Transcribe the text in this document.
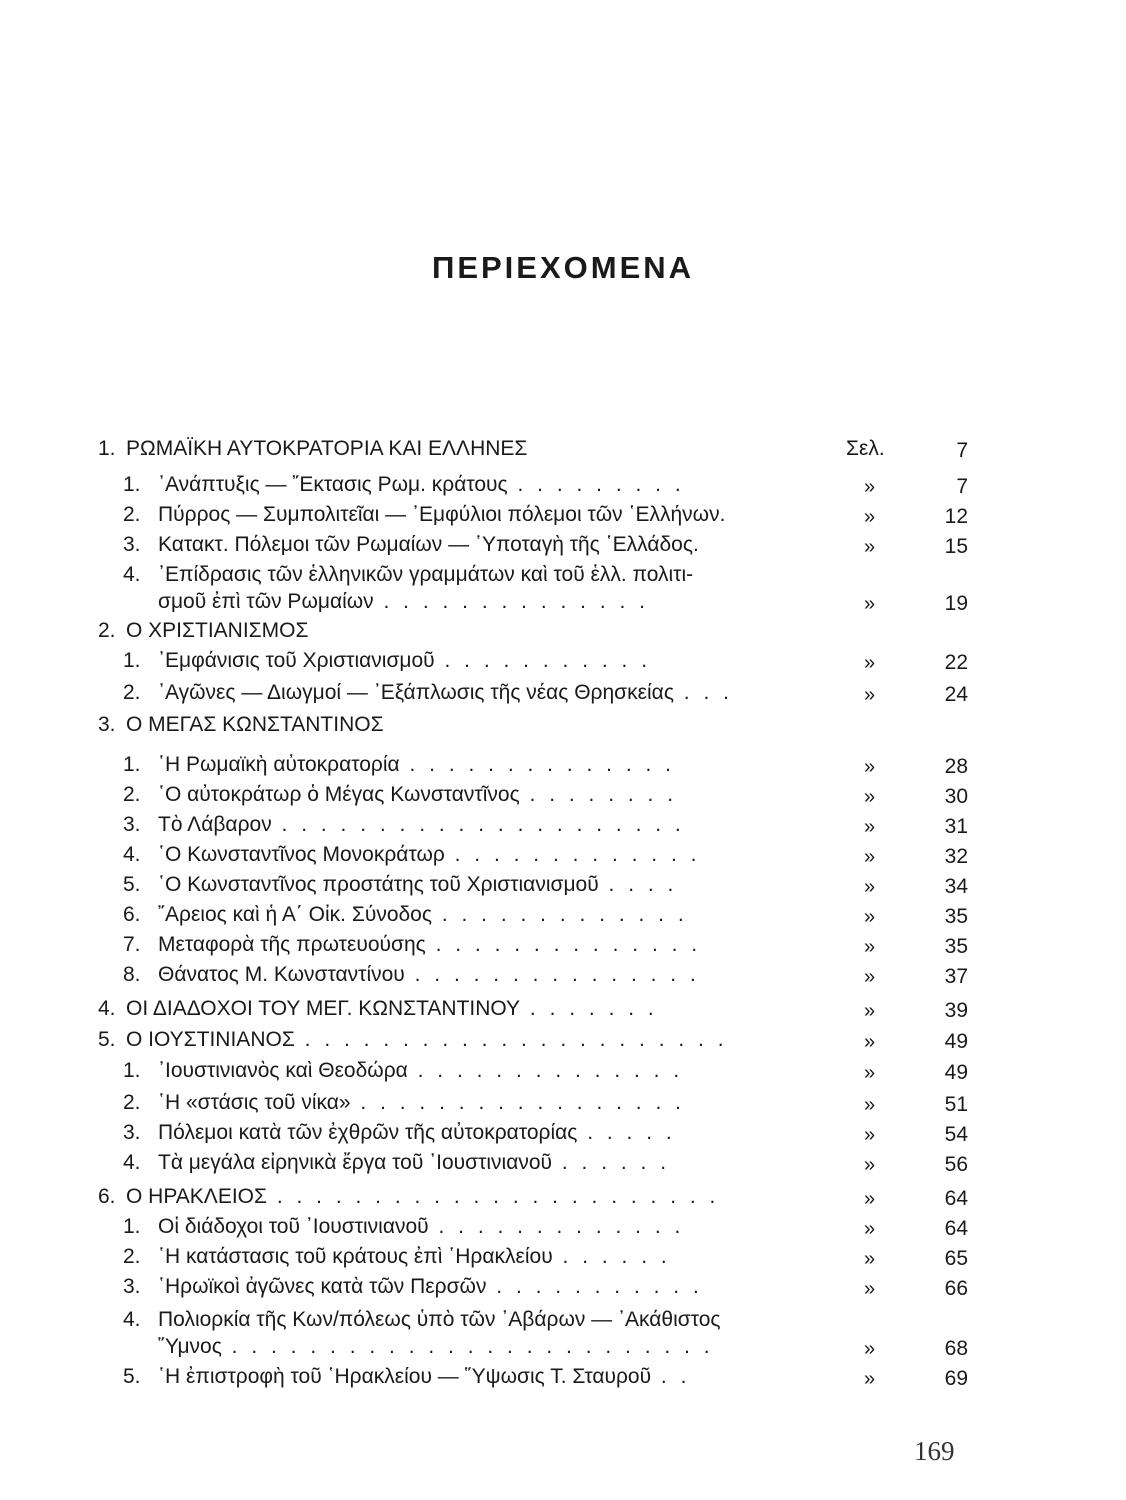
ΠΕΡΙΕΧΟΜΕΝΑ
1. ΡΩΜΑΪΚΗ ΑΥΤΟΚΡΑΤΟΡΙΑ ΚΑΙ ΕΛΛΗΝΕΣ	Σελ.	7
1. ᾿Ανάπτυξις — ῎Εκτασις Ρωμ. κράτους . . . . . . . . .	»	7
2. Πύρρος — Συμπολιτεῖαι — ᾿Εμφύλιοι πόλεμοι τῶν ῾Ελλήνων.	»	12
3. Κατακτ. Πόλεμοι τῶν Ρωμαίων — ῾Υποταγὴ τῆς ῾Ελλάδος.	»	15
4. ᾿Επίδρασις τῶν ἑλληνικῶν γραμμάτων καὶ τοῦ ἑλλ. πολιτι-
σμοῦ ἐπὶ τῶν Ρωμαίων . . . . . . . . . . . . . .	»	19
2. Ο ΧΡΙΣΤΙΑΝΙΣΜΟΣ
1. ᾿Εμφάνισις τοῦ Χριστιανισμοῦ . . . . . . . . . . .	»	22
2. ᾿Αγῶνες — Διωγμοί — ᾿Εξάπλωσις τῆς νέας Θρησκείας . . .	»	24
3. Ο ΜΕΓΑΣ ΚΩΝΣΤΑΝΤΙΝΟΣ
1. ῾Η Ρωμαϊκὴ αὐτοκρατορία . . . . . . . . . . . . . .	»	28
2. ῾Ο αὐτοκράτωρ ὁ Μέγας Κωνσταντῖνος . . . . . . . .	»	30
3. Τὸ Λάβαρον . . . . . . . . . . . . . . . . . . . . .	»	31
4. ῾Ο Κωνσταντῖνος Μονοκράτωρ . . . . . . . . . . . . .	»	32
5. ῾Ο Κωνσταντῖνος προστάτης τοῦ Χριστιανισμοῦ . . . .	»	34
6. ῎Αρειος καὶ ἡ Α΄ Οἰκ. Σύνοδος . . . . . . . . . . . . .	»	35
7. Μεταφορὰ τῆς πρωτευούσης . . . . . . . . . . . . . .	»	35
8. Θάνατος Μ. Κωνσταντίνου . . . . . . . . . . . . . . .	»	37
4. ΟΙ ΔΙΑΔΟΧΟΙ ΤΟΥ ΜΕΓ. ΚΩΝΣΤΑΝΤΙΝΟΥ . . . . . . .	»	39
5. Ο ΙΟΥΣΤΙΝΙΑΝΟΣ . . . . . . . . . . . . . . . . . . . . . .	»	49
1. ᾿Ιουστινιανὸς καὶ Θεοδώρα . . . . . . . . . . . . . .	»	49
2. ῾Η «στάσις τοῦ νίκα» . . . . . . . . . . . . . . . . .	»	51
3. Πόλεμοι κατὰ τῶν ἐχθρῶν τῆς αὐτοκρατορίας . . . . .	»	54
4. Τὰ μεγάλα εἰρηνικὰ ἔργα τοῦ ᾿Ιουστινιανοῦ . . . . . .	»	56
6. Ο ΗΡΑΚΛΕΙΟΣ . . . . . . . . . . . . . . . . . . . . . . .	»	64
1. Οἱ διάδοχοι τοῦ ᾿Ιουστινιανοῦ . . . . . . . . . . . . .	»	64
2. ῾Η κατάστασις τοῦ κράτους ἐπὶ ῾Ηρακλείου . . . . . .	»	65
3. ῾Ηρωϊκοὶ ἀγῶνες κατὰ τῶν Περσῶν . . . . . . . . . . .	»	66
4. Πολιορκία τῆς Κων/πόλεως ὑπὸ τῶν ᾿Αβάρων — ᾿Ακάθιστος
῞Υμνος . . . . . . . . . . . . . . . . . . . . . . . . .	»	68
5. ῾Η ἐπιστροφὴ τοῦ ῾Ηρακλείου — ῞Υψωσις Τ. Σταυροῦ . .	»	69
169
